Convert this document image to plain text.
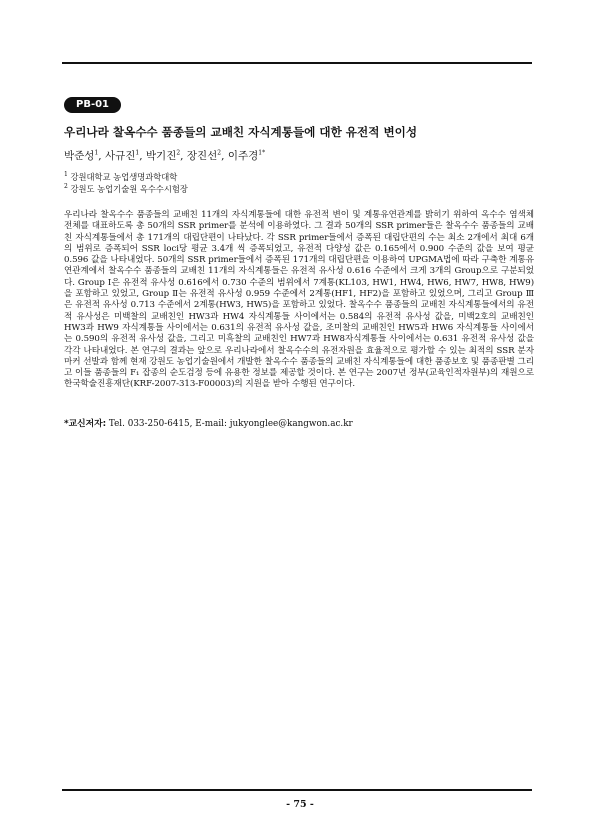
PB-01
우리나라 찰옥수수 품종들의 교배친 자식계통들에 대한 유전적 변이성
박준성$^1$, 사규진$^1$, 박기진$^2$, 장진선$^2$, 이주경$^{1*}$
$^1$ 강원대학교 농업생명과학대학
$^2$ 강원도 농업기술원 옥수수시험장

우리나라 찰옥수수 품종들의 교배친 11개의 자식계통들에 대한 유전적 변이 및 계통유연관계를 밝히기 위하여 옥수수 염색체 전체를 대표하도록 총 50개의 SSR primer를 분석에 이용하였다. 그 결과 50개의 SSR primer들은 찰옥수수 품종들의 교배친 자식계통들에서 총 171개의 대립단편이 나타났다. 각 SSR primer들에서 증폭된 대립단편의 수는 최소 2개에서 최대 6개의 범위로 증폭되어 SSR loci당 평균 3.4개 씩 증폭되었고, 유전적 다양성 값은 0.165에서 0.900 수준의 값을 보여 평균 0.596 값을 나타내었다. 50개의 SSR primer들에서 증폭된 171개의 대립단편을 이용하여 UPGMA법에 따라 구축한 계통유연관계에서 찰옥수수 품종들의 교배친 11개의 자식계통들은 유전적 유사성 0.616 수준에서 크게 3개의 Group으로 구분되었다. Group Ⅰ은 유전적 유사성 0.616에서 0.730 수준의 범위에서 7계통(KL103, HW1, HW4, HW6, HW7, HW8, HW9)을 포함하고 있었고, Group Ⅱ는 유전적 유사성 0.959 수준에서 2계통(HF1, HF2)을 포함하고 있었으며, 그리고 Group Ⅲ은 유전적 유사성 0.713 수준에서 2계통(HW3, HW5)을 포함하고 있었다. 찰옥수수 품종들의 교배친 자식계통들에서의 유전적 유사성은 미백찰의 교배친인 HW3과 HW4 자식계통들 사이에서는 0.584의 유전적 유사성 값을, 미백2호의 교배친인 HW3과 HW9 자식계통들 사이에서는 0.631의 유전적 유사성 값을, 조미찰의 교배친인 HW5과 HW6 자식계통들 사이에서는 0.590의 유전적 유사성 값을, 그리고 미흑찰의 교배친인 HW7과 HW8자식계통들 사이에서는 0.631 유전적 유사성 값을 각각 나타내었다. 본 연구의 결과는 앞으로 우리나라에서 찰옥수수의 유전자원을 효율적으로 평가할 수 있는 최적의 SSR 분자마커 선발과 함께 현재 강원도 농업기술원에서 개발한 찰옥수수 품종들의 교배친 자식계통들에 대한 품종보호 및 품종판별 그리고 이들 품종들의 F₁ 잡종의 순도검정 등에 유용한 정보를 제공할 것이다. 본 연구는 2007년 정부(교육인적자원부)의 재원으로 한국학술진흥재단(KRF-2007-313-F00003)의 지원을 받아 수행된 연구이다.

*교신저자: Tel. 033-250-6415, E-mail: jukyonglee@kangwon.ac.kr
- 75 -
